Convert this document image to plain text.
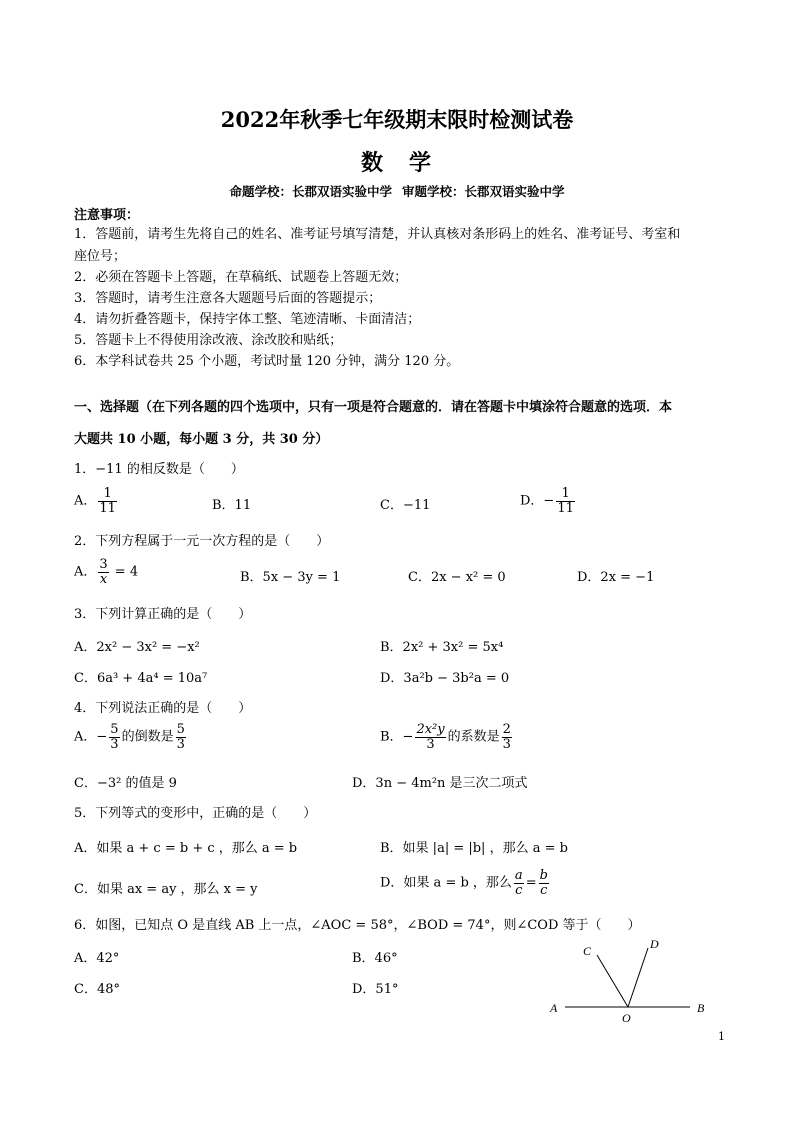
2022年秋季七年级期末限时检测试卷
数 学
命题学校：长郡双语实验中学 审题学校：长郡双语实验中学
注意事项：
1．答题前，请考生先将自己的姓名、准考证号填写清楚，并认真核对条形码上的姓名、准考证号、考室和
座位号；
2．必须在答题卡上答题，在草稿纸、试题卷上答题无效；
3．答题时，请考生注意各大题题号后面的答题提示；
4．请勿折叠答题卡，保持字体工整、笔迹清晰、卡面清洁；
5．答题卡上不得使用涂改液、涂改胶和贴纸；
6．本学科试卷共 25 个小题，考试时量 120 分钟，满分 120 分。
一、选择题（在下列各题的四个选项中，只有一项是符合题意的．请在答题卡中填涂符合题意的选项．本
大题共 10 小题，每小题 3 分，共 30 分）
1．−11 的相反数是（　　）
A． $\frac{1}{11}$	B．11	C．−11	D．− $\frac{1}{11}$
2．下列方程属于一元一次方程的是（　　）
A． $\frac{3}{x} = 4$	B．5x − 3y = 1	C．2x − x² = 0	D．2x = −1
3．下列计算正确的是（　　）
A．2x² − 3x² = −x²	B．2x² + 3x² = 5x⁴
C．6a³ + 4a⁴ = 10a⁷	D．3a²b − 3b²a = 0
4．下列说法正确的是（　　）
A．− $\frac{5}{3}$ 的倒数是 $\frac{5}{3}$	B．− $\frac{\text{2x²y}}{3}$ 的系数是 $\frac{2}{3}$
C．−3² 的值是 9	D．3n − 4m²n 是三次二项式
5．下列等式的变形中，正确的是（　　）
A．如果 a + c = b + c ，那么 a = b	B．如果 |a| = |b| ，那么 a = b
C．如果 ax = ay ，那么 x = y	D．如果 a = b ，那么 $\frac{a}{c} = \frac{b}{c}$
6．如图，已知点 O 是直线 AB 上一点，∠AOC = 58°，∠BOD = 74°，则∠COD 等于（　　）
A．42°	B．46°
C．48°	D．51°
A	B
C	D
O
1
